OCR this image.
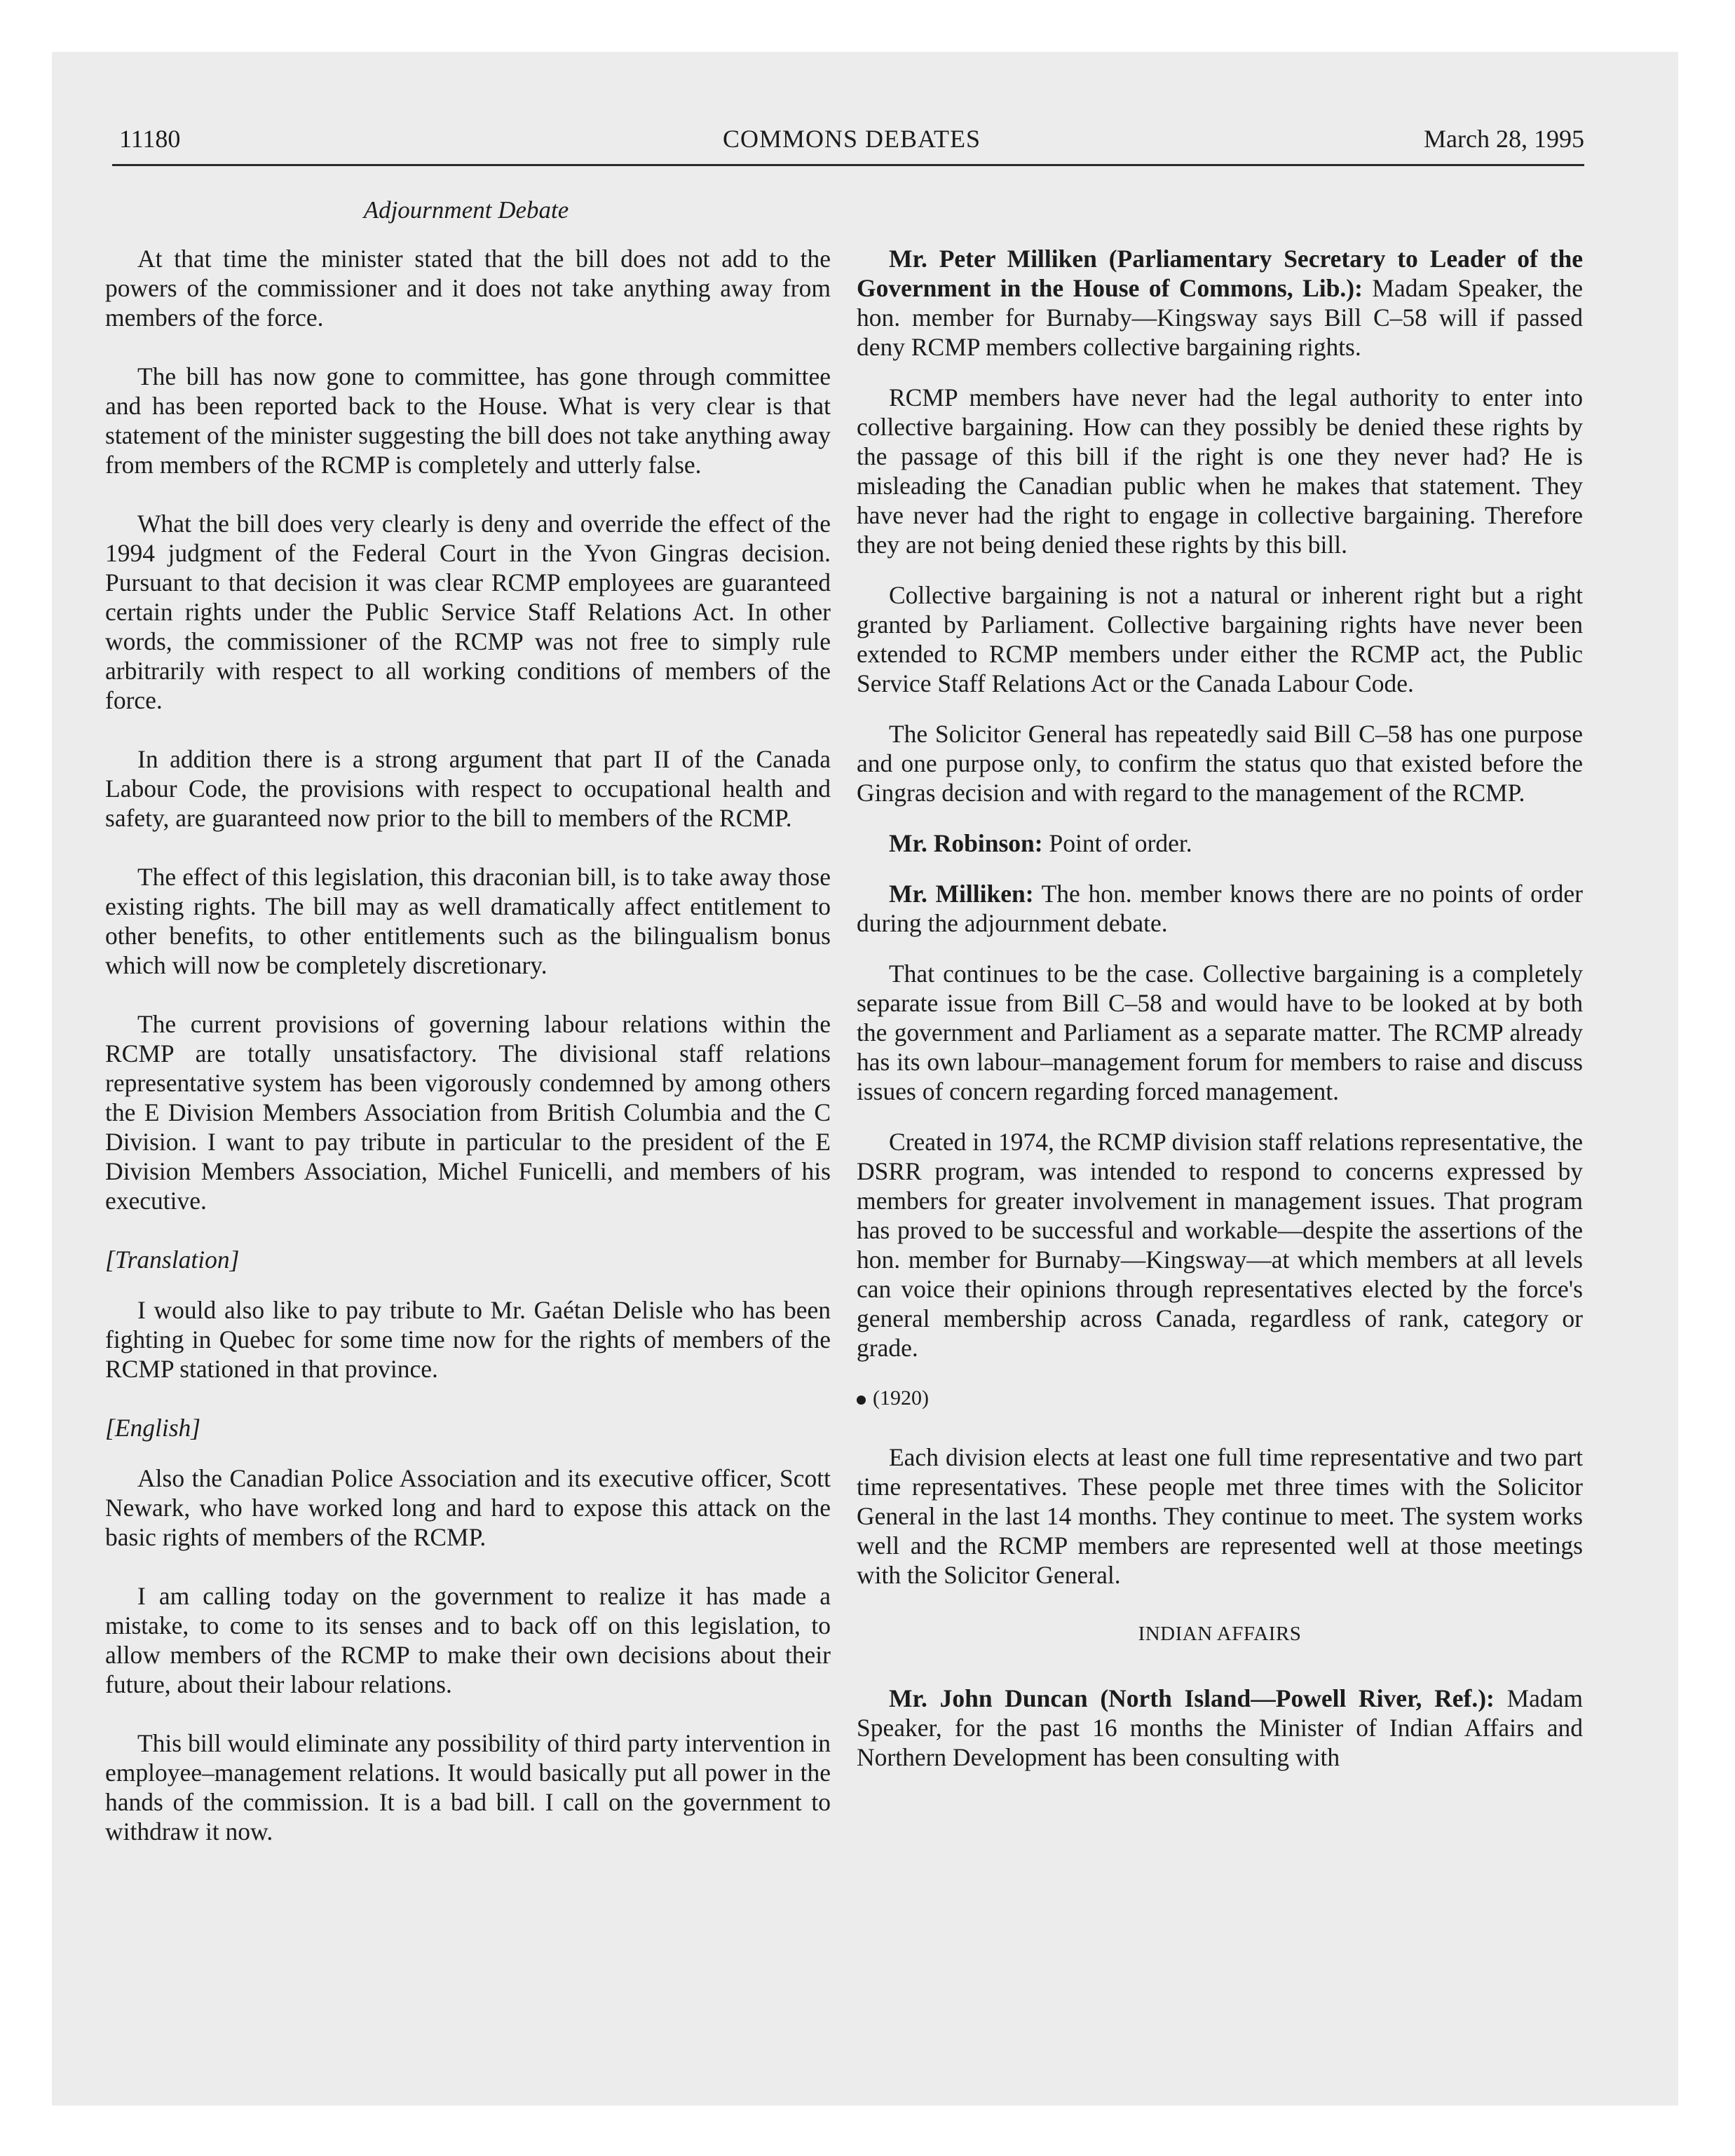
11180	COMMONS DEBATES	March 28, 1995
Adjournment Debate

At that time the minister stated that the bill does not add to the powers of the commissioner and it does not take anything away from members of the force.

The bill has now gone to committee, has gone through committee and has been reported back to the House. What is very clear is that statement of the minister suggesting the bill does not take anything away from members of the RCMP is completely and utterly false.

What the bill does very clearly is deny and override the effect of the 1994 judgment of the Federal Court in the Yvon Gingras decision. Pursuant to that decision it was clear RCMP employees are guaranteed certain rights under the Public Service Staff Relations Act. In other words, the commissioner of the RCMP was not free to simply rule arbitrarily with respect to all working conditions of members of the force.

In addition there is a strong argument that part II of the Canada Labour Code, the provisions with respect to occupational health and safety, are guaranteed now prior to the bill to members of the RCMP.

The effect of this legislation, this draconian bill, is to take away those existing rights. The bill may as well dramatically affect entitlement to other benefits, to other entitlements such as the bilingualism bonus which will now be completely discretionary.

The current provisions of governing labour relations within the RCMP are totally unsatisfactory. The divisional staff relations representative system has been vigorously condemned by among others the E Division Members Association from British Columbia and the C Division. I want to pay tribute in particular to the president of the E Division Members Association, Michel Funicelli, and members of his executive.

[Translation]

I would also like to pay tribute to Mr. Gaétan Delisle who has been fighting in Quebec for some time now for the rights of members of the RCMP stationed in that province.

[English]

Also the Canadian Police Association and its executive officer, Scott Newark, who have worked long and hard to expose this attack on the basic rights of members of the RCMP.

I am calling today on the government to realize it has made a mistake, to come to its senses and to back off on this legislation, to allow members of the RCMP to make their own decisions about their future, about their labour relations.

This bill would eliminate any possibility of third party intervention in employee–management relations. It would basically put all power in the hands of the commission. It is a bad bill. I call on the government to withdraw it now.

Mr. Peter Milliken (Parliamentary Secretary to Leader of the Government in the House of Commons, Lib.): Madam Speaker, the hon. member for Burnaby—Kingsway says Bill C–58 will if passed deny RCMP members collective bargaining rights.

RCMP members have never had the legal authority to enter into collective bargaining. How can they possibly be denied these rights by the passage of this bill if the right is one they never had? He is misleading the Canadian public when he makes that statement. They have never had the right to engage in collective bargaining. Therefore they are not being denied these rights by this bill.

Collective bargaining is not a natural or inherent right but a right granted by Parliament. Collective bargaining rights have never been extended to RCMP members under either the RCMP act, the Public Service Staff Relations Act or the Canada Labour Code.

The Solicitor General has repeatedly said Bill C–58 has one purpose and one purpose only, to confirm the status quo that existed before the Gingras decision and with regard to the management of the RCMP.

Mr. Robinson: Point of order.

Mr. Milliken: The hon. member knows there are no points of order during the adjournment debate.

That continues to be the case. Collective bargaining is a completely separate issue from Bill C–58 and would have to be looked at by both the government and Parliament as a separate matter. The RCMP already has its own labour–management forum for members to raise and discuss issues of concern regarding forced management.

Created in 1974, the RCMP division staff relations representative, the DSRR program, was intended to respond to concerns expressed by members for greater involvement in management issues. That program has proved to be successful and workable—despite the assertions of the hon. member for Burnaby—Kingsway—at which members at all levels can voice their opinions through representatives elected by the force's general membership across Canada, regardless of rank, category or grade.

(1920)

Each division elects at least one full time representative and two part time representatives. These people met three times with the Solicitor General in the last 14 months. They continue to meet. The system works well and the RCMP members are represented well at those meetings with the Solicitor General.

INDIAN AFFAIRS

Mr. John Duncan (North Island—Powell River, Ref.): Madam Speaker, for the past 16 months the Minister of Indian Affairs and Northern Development has been consulting with
